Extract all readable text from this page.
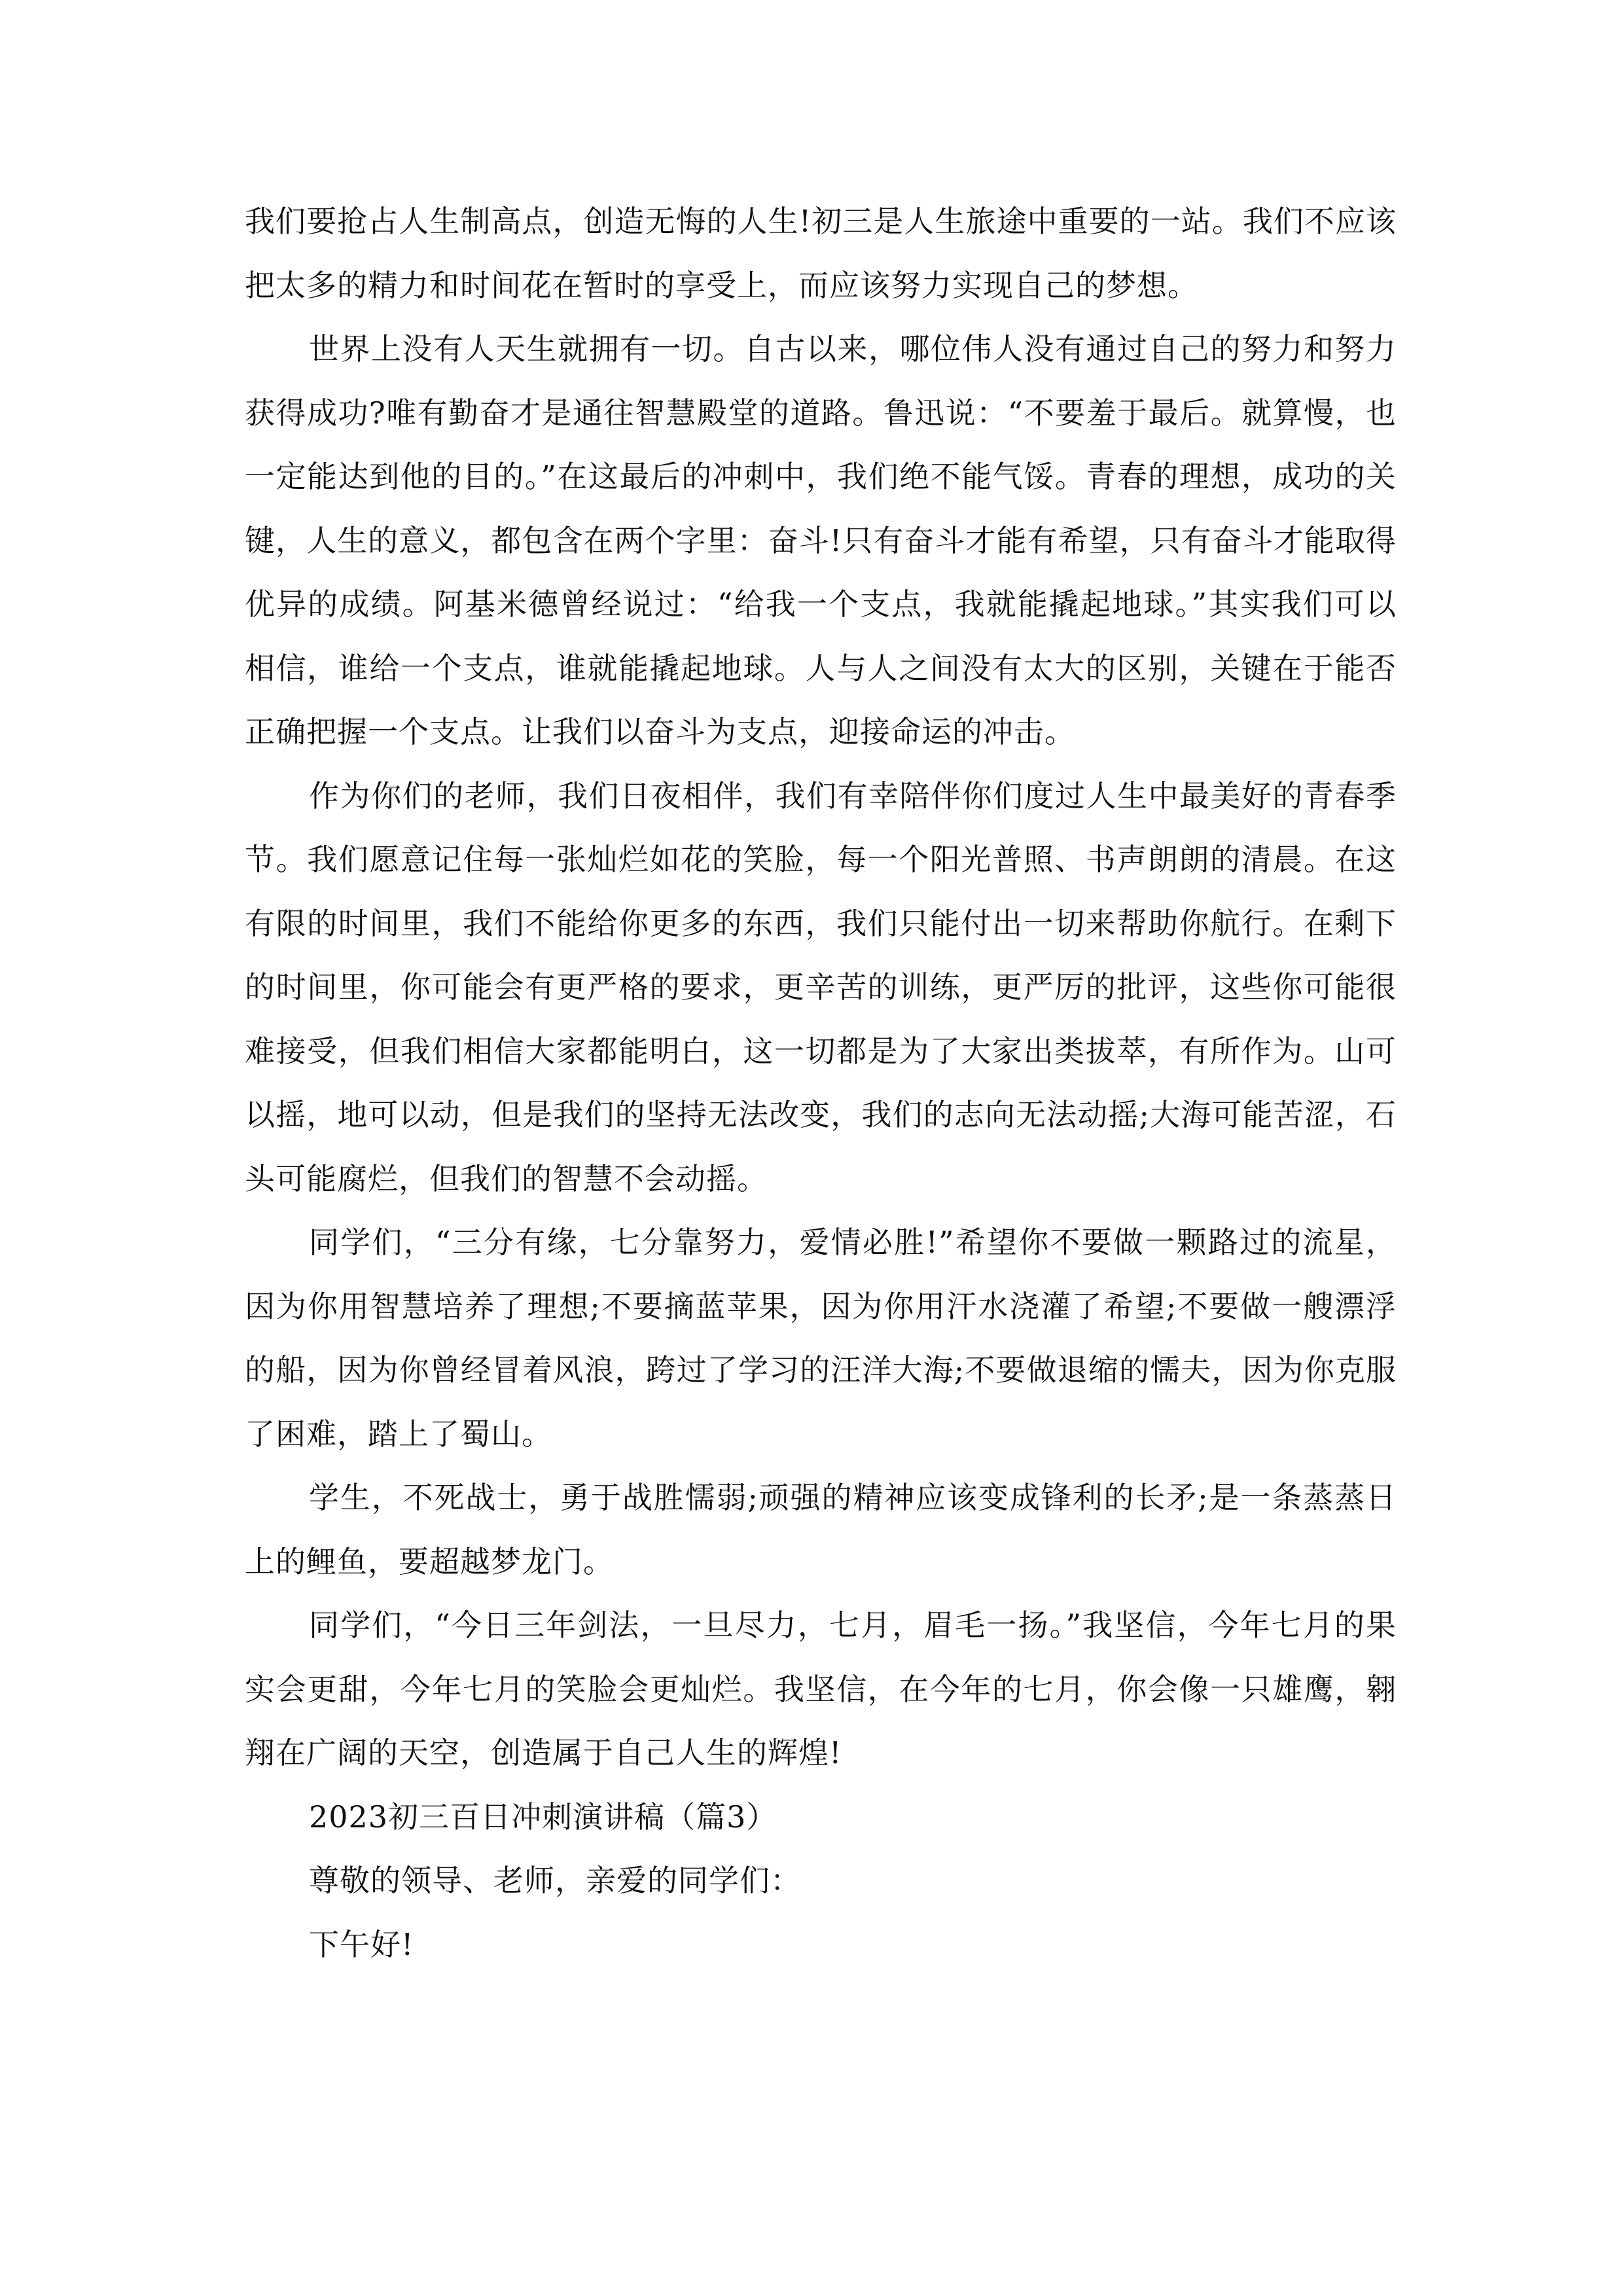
我们要抢占人生制高点，创造无悔的人生!初三是人生旅途中重要的一站。我们不应该把太多的精力和时间花在暂时的享受上，而应该努力实现自己的梦想。

世界上没有人天生就拥有一切。自古以来，哪位伟人没有通过自己的努力和努力获得成功?唯有勤奋才是通往智慧殿堂的道路。鲁迅说：“不要羞于最后。就算慢，也一定能达到他的目的。”在这最后的冲刺中，我们绝不能气馁。青春的理想，成功的关键，人生的意义，都包含在两个字里：奋斗!只有奋斗才能有希望，只有奋斗才能取得优异的成绩。阿基米德曾经说过：“给我一个支点，我就能撬起地球。”其实我们可以相信，谁给一个支点，谁就能撬起地球。人与人之间没有太大的区别，关键在于能否正确把握一个支点。让我们以奋斗为支点，迎接命运的冲击。

作为你们的老师，我们日夜相伴，我们有幸陪伴你们度过人生中最美好的青春季节。我们愿意记住每一张灿烂如花的笑脸，每一个阳光普照、书声朗朗的清晨。在这有限的时间里，我们不能给你更多的东西，我们只能付出一切来帮助你航行。在剩下的时间里，你可能会有更严格的要求，更辛苦的训练，更严厉的批评，这些你可能很难接受，但我们相信大家都能明白，这一切都是为了大家出类拔萃，有所作为。山可以摇，地可以动，但是我们的坚持无法改变，我们的志向无法动摇;大海可能苦涩，石头可能腐烂，但我们的智慧不会动摇。

同学们，“三分有缘，七分靠努力，爱情必胜!”希望你不要做一颗路过的流星，因为你用智慧培养了理想;不要摘蓝苹果，因为你用汗水浇灌了希望;不要做一艘漂浮的船，因为你曾经冒着风浪，跨过了学习的汪洋大海;不要做退缩的懦夫，因为你克服了困难，踏上了蜀山。

学生，不死战士，勇于战胜懦弱;顽强的精神应该变成锋利的长矛;是一条蒸蒸日上的鲤鱼，要超越梦龙门。

同学们，“今日三年剑法，一旦尽力，七月，眉毛一扬。”我坚信，今年七月的果实会更甜，今年七月的笑脸会更灿烂。我坚信，在今年的七月，你会像一只雄鹰，翱翔在广阔的天空，创造属于自己人生的辉煌!

2023初三百日冲刺演讲稿（篇3）

尊敬的领导、老师，亲爱的同学们：

下午好!
